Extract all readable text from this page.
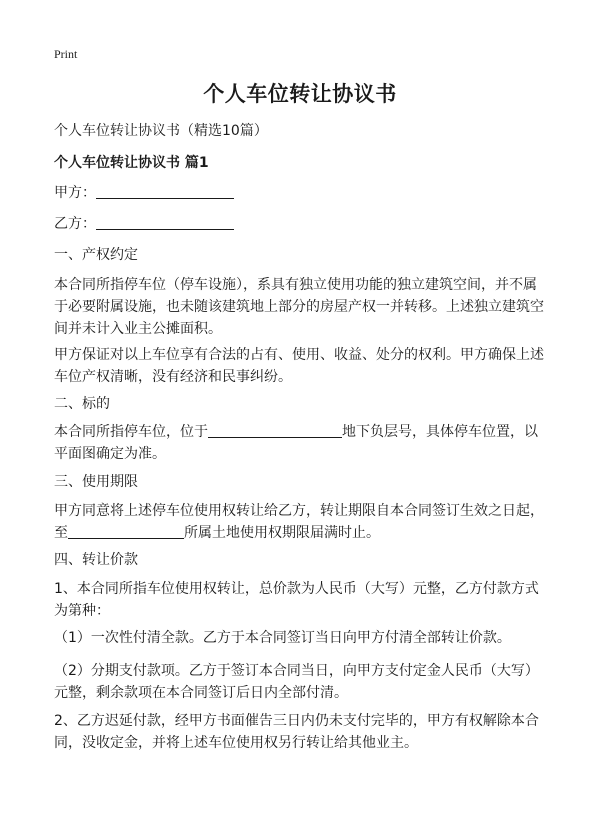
Print
个人车位转让协议书
个人车位转让协议书（精选10篇）
个人车位转让协议书 篇1
甲方：
乙方：
一、产权约定
本合同所指停车位（停车设施），系具有独立使用功能的独立建筑空间，并不属于必要附属设施，也未随该建筑地上部分的房屋产权一并转移。上述独立建筑空间并未计入业主公摊面积。
甲方保证对以上车位享有合法的占有、使用、收益、处分的权利。甲方确保上述车位产权清晰，没有经济和民事纠纷。
二、标的
本合同所指停车位，位于	地下负层号，具体停车位置，以平面图确定为准。
三、使用期限
甲方同意将上述停车位使用权转让给乙方，转让期限自本合同签订生效之日起，至	所属土地使用权期限届满时止。
四、转让价款
1、本合同所指车位使用权转让，总价款为人民币（大写）元整，乙方付款方式为第种：
（1）一次性付清全款。乙方于本合同签订当日向甲方付清全部转让价款。
（2）分期支付款项。乙方于签订本合同当日，向甲方支付定金人民币（大写）元整，剩余款项在本合同签订后日内全部付清。
2、乙方迟延付款，经甲方书面催告三日内仍未支付完毕的，甲方有权解除本合同，没收定金，并将上述车位使用权另行转让给其他业主。
